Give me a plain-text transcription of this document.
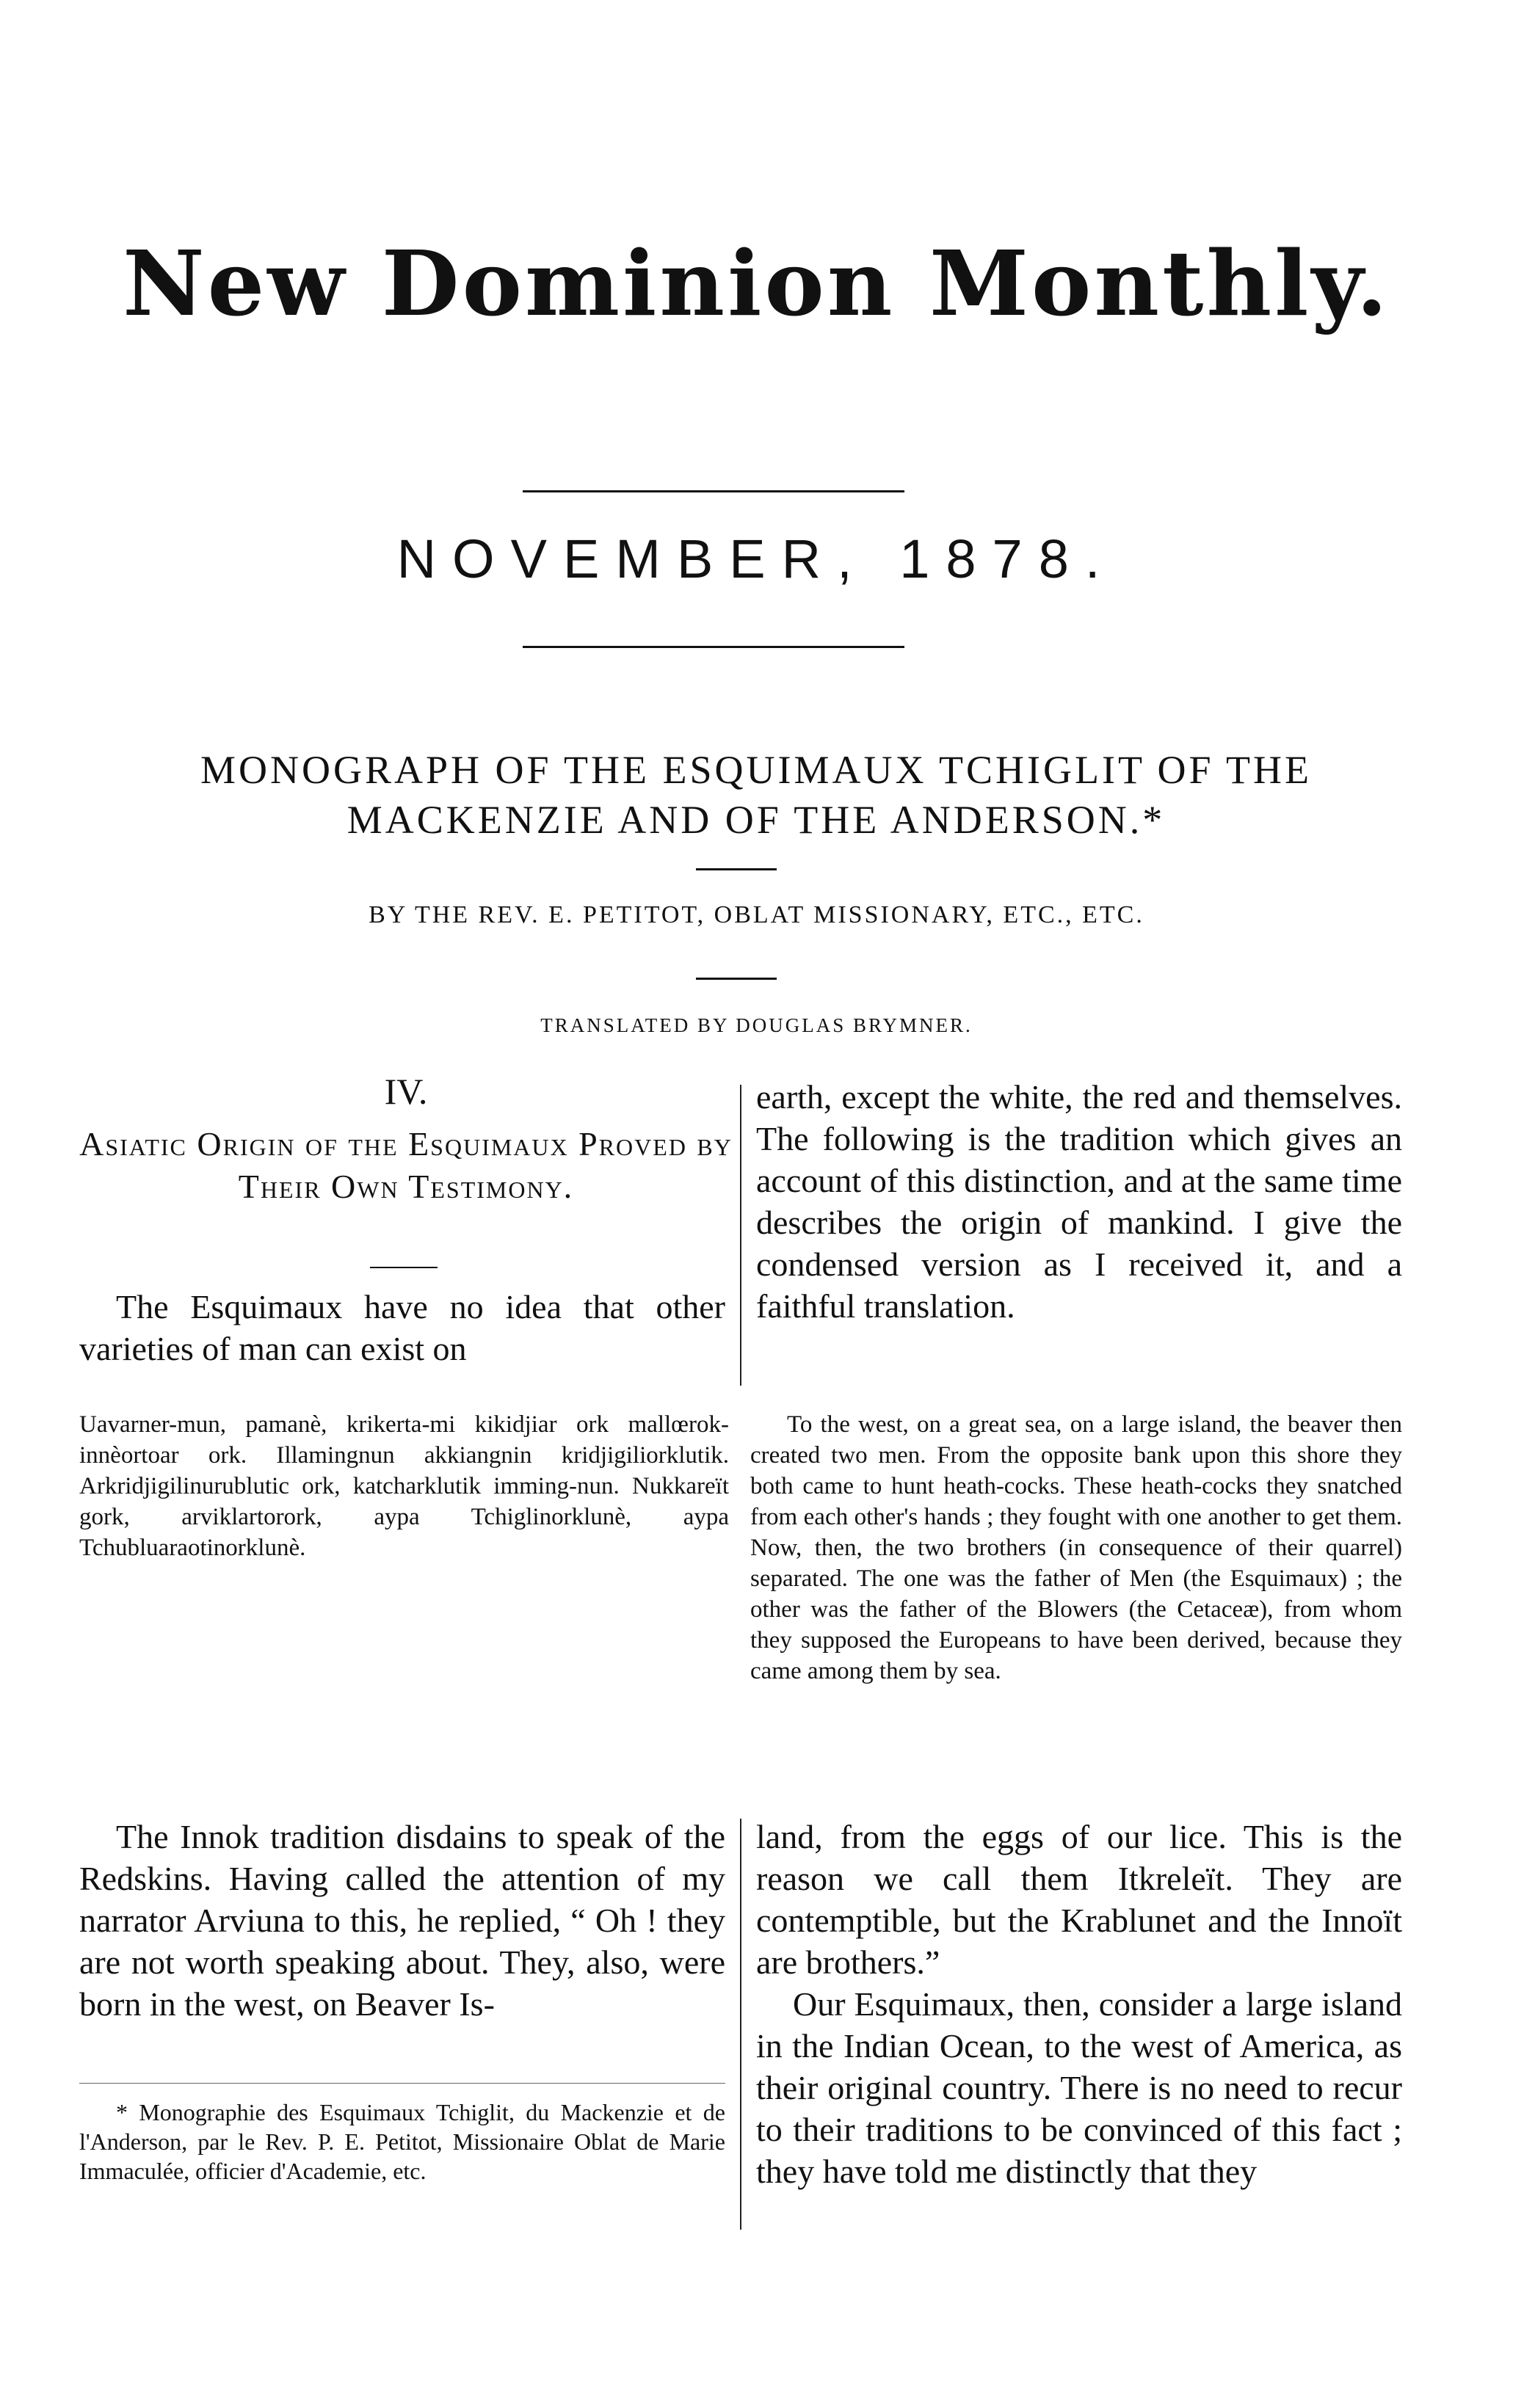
New Dominion Monthly.
NOVEMBER, 1878.
MONOGRAPH OF THE ESQUIMAUX TCHIGLIT OF THE MACKENZIE AND OF THE ANDERSON.*
BY THE REV. E. PETITOT, OBLAT MISSIONARY, ETC., ETC.
TRANSLATED BY DOUGLAS BRYMNER.
IV.
Asiatic Origin of the Esquimaux Proved by Their Own Testimony.

The Esquimaux have no idea that other varieties of man can exist on

earth, except the white, the red and themselves. The following is the tradition which gives an account of this distinction, and at the same time describes the origin of mankind. I give the condensed version as I received it, and a faithful translation.

Uavarner-mun, pamanè, krikerta-mi kikidjiar ork mallœrok-innèortoar ork. Illamingnun akkiangnin kridjigiliorklutik. Arkridjigilinurublutic ork, katcharklutik imming-nun. Nukkareït gork, arviklartorork, aypa Tchiglinorklunè, aypa Tchubluaraotinorklunè.

To the west, on a great sea, on a large island, the beaver then created two men. From the opposite bank upon this shore they both came to hunt heath-cocks. These heath-cocks they snatched from each other's hands ; they fought with one another to get them. Now, then, the two brothers (in consequence of their quarrel) separated. The one was the father of Men (the Esquimaux) ; the other was the father of the Blowers (the Cetaceæ), from whom they supposed the Europeans to have been derived, because they came among them by sea.

The Innok tradition disdains to speak of the Redskins. Having called the attention of my narrator Arviuna to this, he replied, “ Oh ! they are not worth speaking about. They, also, were born in the west, on Beaver Is-

* Monographie des Esquimaux Tchiglit, du Mackenzie et de l'Anderson, par le Rev. P. E. Petitot, Missionaire Oblat de Marie Immaculée, officier d'Academie, etc.

land, from the eggs of our lice. This is the reason we call them Itkreleït. They are contemptible, but the Krablunet and the Innoït are brothers.”

Our Esquimaux, then, consider a large island in the Indian Ocean, to the west of America, as their original country. There is no need to recur to their traditions to be convinced of this fact ; they have told me distinctly that they
